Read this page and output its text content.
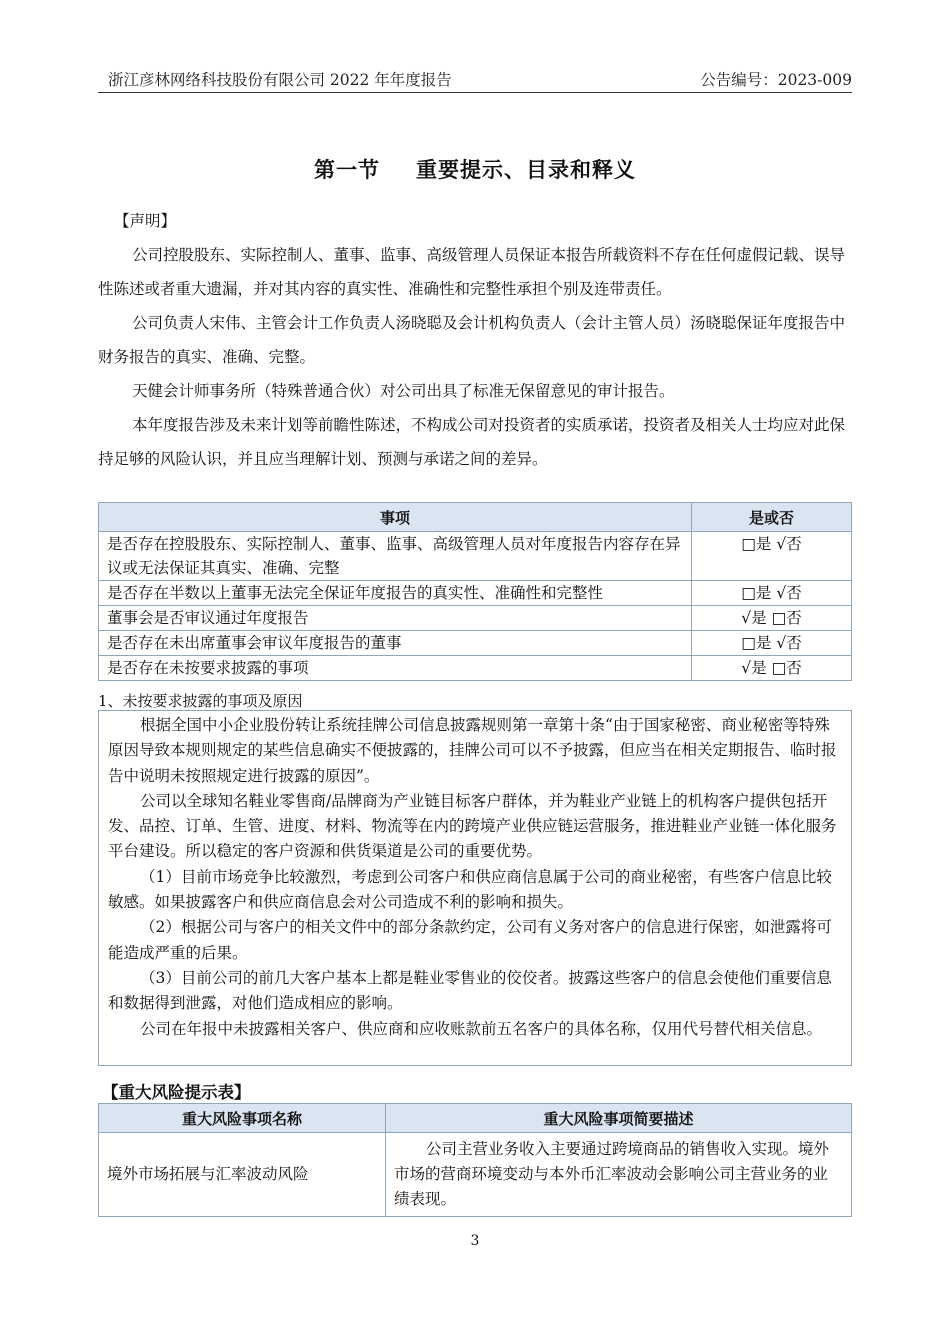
浙江彦林网络科技股份有限公司 2022 年年度报告	公告编号：2023-009
第一节 重要提示、目录和释义

【声明】

公司控股股东、实际控制人、董事、监事、高级管理人员保证本报告所载资料不存在任何虚假记载、误导性陈述或者重大遗漏，并对其内容的真实性、准确性和完整性承担个别及连带责任。

公司负责人宋伟、主管会计工作负责人汤晓聪及会计机构负责人（会计主管人员）汤晓聪保证年度报告中财务报告的真实、准确、完整。

天健会计师事务所（特殊普通合伙）对公司出具了标准无保留意见的审计报告。

本年度报告涉及未来计划等前瞻性陈述，不构成公司对投资者的实质承诺，投资者及相关人士均应对此保持足够的风险认识，并且应当理解计划、预测与承诺之间的差异。

事项	是或否
是否存在控股股东、实际控制人、董事、监事、高级管理人员对年度报告内容存在异议或无法保证其真实、准确、完整	□是 √否
是否存在半数以上董事无法完全保证年度报告的真实性、准确性和完整性	□是 √否
董事会是否审议通过年度报告	√是 □否
是否存在未出席董事会审议年度报告的董事	□是 √否
是否存在未按要求披露的事项	√是 □否
1、未按要求披露的事项及原因

根据全国中小企业股份转让系统挂牌公司信息披露规则第一章第十条“由于国家秘密、商业秘密等特殊原因导致本规则规定的某些信息确实不便披露的，挂牌公司可以不予披露，但应当在相关定期报告、临时报告中说明未按照规定进行披露的原因”。

公司以全球知名鞋业零售商/品牌商为产业链目标客户群体，并为鞋业产业链上的机构客户提供包括开发、品控、订单、生管、进度、材料、物流等在内的跨境产业供应链运营服务，推进鞋业产业链一体化服务平台建设。所以稳定的客户资源和供货渠道是公司的重要优势。

（1）目前市场竞争比较激烈，考虑到公司客户和供应商信息属于公司的商业秘密，有些客户信息比较敏感。如果披露客户和供应商信息会对公司造成不利的影响和损失。

（2）根据公司与客户的相关文件中的部分条款约定，公司有义务对客户的信息进行保密，如泄露将可能造成严重的后果。

（3）目前公司的前几大客户基本上都是鞋业零售业的佼佼者。披露这些客户的信息会使他们重要信息和数据得到泄露，对他们造成相应的影响。

公司在年报中未披露相关客户、供应商和应收账款前五名客户的具体名称，仅用代号替代相关信息。

【重大风险提示表】
重大风险事项名称	重大风险事项简要描述
境外市场拓展与汇率波动风险	公司主营业务收入主要通过跨境商品的销售收入实现。境外市场的营商环境变动与本外币汇率波动会影响公司主营业务的业绩表现。
3
